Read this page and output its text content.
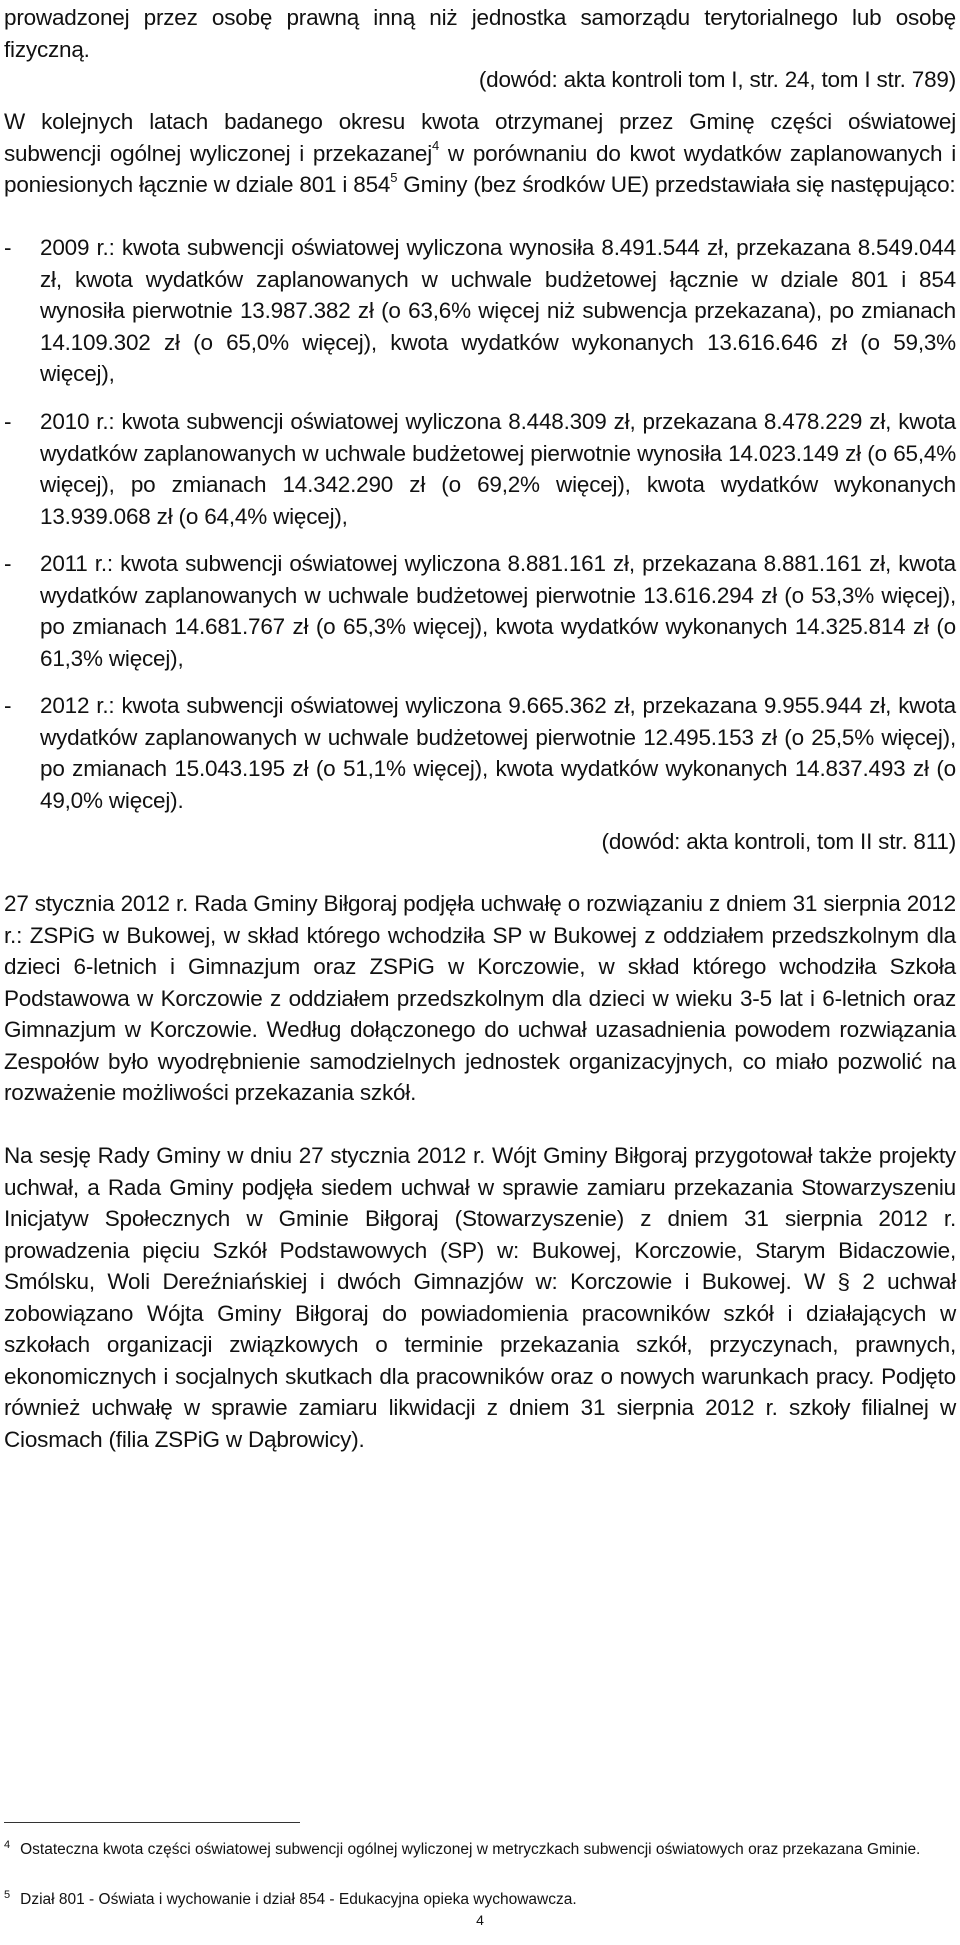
prowadzonej przez osobę prawną inną niż jednostka samorządu terytorialnego lub osobę fizyczną.
(dowód: akta kontroli tom I, str. 24, tom I str. 789)
W kolejnych latach badanego okresu kwota otrzymanej przez Gminę części oświatowej subwencji ogólnej wyliczonej i przekazanej$^4$ w porównaniu do kwot wydatków zaplanowanych i poniesionych łącznie w dziale 801 i $854^5$ Gminy (bez środków UE) przedstawiała się następująco:
-	2009 r.: kwota subwencji oświatowej wyliczona wynosiła 8.491.544 zł, przekazana 8.549.044 zł, kwota wydatków zaplanowanych w uchwale budżetowej łącznie w dziale 801 i 854 wynosiła pierwotnie 13.987.382 zł (o 63,6% więcej niż subwencja przekazana), po zmianach 14.109.302 zł (o 65,0% więcej), kwota wydatków wykonanych 13.616.646 zł (o 59,3% więcej),
-	2010 r.: kwota subwencji oświatowej wyliczona 8.448.309 zł, przekazana 8.478.229 zł, kwota wydatków zaplanowanych w uchwale budżetowej pierwotnie wynosiła 14.023.149 zł (o 65,4% więcej), po zmianach 14.342.290 zł (o 69,2% więcej), kwota wydatków wykonanych 13.939.068 zł (o 64,4% więcej),
-	2011 r.: kwota subwencji oświatowej wyliczona 8.881.161 zł, przekazana 8.881.161 zł, kwota wydatków zaplanowanych w uchwale budżetowej pierwotnie 13.616.294 zł (o 53,3% więcej), po zmianach 14.681.767 zł (o 65,3% więcej), kwota wydatków wykonanych 14.325.814 zł (o 61,3% więcej),
-	2012 r.: kwota subwencji oświatowej wyliczona 9.665.362 zł, przekazana 9.955.944 zł, kwota wydatków zaplanowanych w uchwale budżetowej pierwotnie 12.495.153 zł (o 25,5% więcej), po zmianach 15.043.195 zł (o 51,1% więcej), kwota wydatków wykonanych 14.837.493 zł (o 49,0% więcej).
(dowód: akta kontroli, tom II str. 811)
27 stycznia 2012 r. Rada Gminy Biłgoraj podjęła uchwałę o rozwiązaniu z dniem 31 sierpnia 2012 r.: ZSPiG w Bukowej, w skład którego wchodziła SP w Bukowej z oddziałem przedszkolnym dla dzieci 6-letnich i Gimnazjum oraz ZSPiG w Korczowie, w skład którego wchodziła Szkoła Podstawowa w Korczowie z oddziałem przedszkolnym dla dzieci w wieku 3-5 lat i 6-letnich oraz Gimnazjum w Korczowie. Według dołączonego do uchwał uzasadnienia powodem rozwiązania Zespołów było wyodrębnienie samodzielnych jednostek organizacyjnych, co miało pozwolić na rozważenie możliwości przekazania szkół.
Na sesję Rady Gminy w dniu 27 stycznia 2012 r. Wójt Gminy Biłgoraj przygotował także projekty uchwał, a Rada Gminy podjęła siedem uchwał w sprawie zamiaru przekazania Stowarzyszeniu Inicjatyw Społecznych w Gminie Biłgoraj (Stowarzyszenie) z dniem 31 sierpnia 2012 r. prowadzenia pięciu Szkół Podstawowych (SP) w: Bukowej, Korczowie, Starym Bidaczowie, Smólsku, Woli Dereźniańskiej i dwóch Gimnazjów w: Korczowie i Bukowej. W § 2 uchwał zobowiązano Wójta Gminy Biłgoraj do powiadomienia pracowników szkół i działających w szkołach organizacji związkowych o terminie przekazania szkół, przyczynach, prawnych, ekonomicznych i socjalnych skutkach dla pracowników oraz o nowych warunkach pracy. Podjęto również uchwałę w sprawie zamiaru likwidacji z dniem 31 sierpnia 2012 r. szkoły filialnej w Ciosmach (filia ZSPiG w Dąbrowicy).
$^4$ Ostateczna kwota części oświatowej subwencji ogólnej wyliczonej w metryczkach subwencji oświatowych oraz przekazana Gminie.
$^5$ Dział 801 - Oświata i wychowanie i dział 854 - Edukacyjna opieka wychowawcza.
4
